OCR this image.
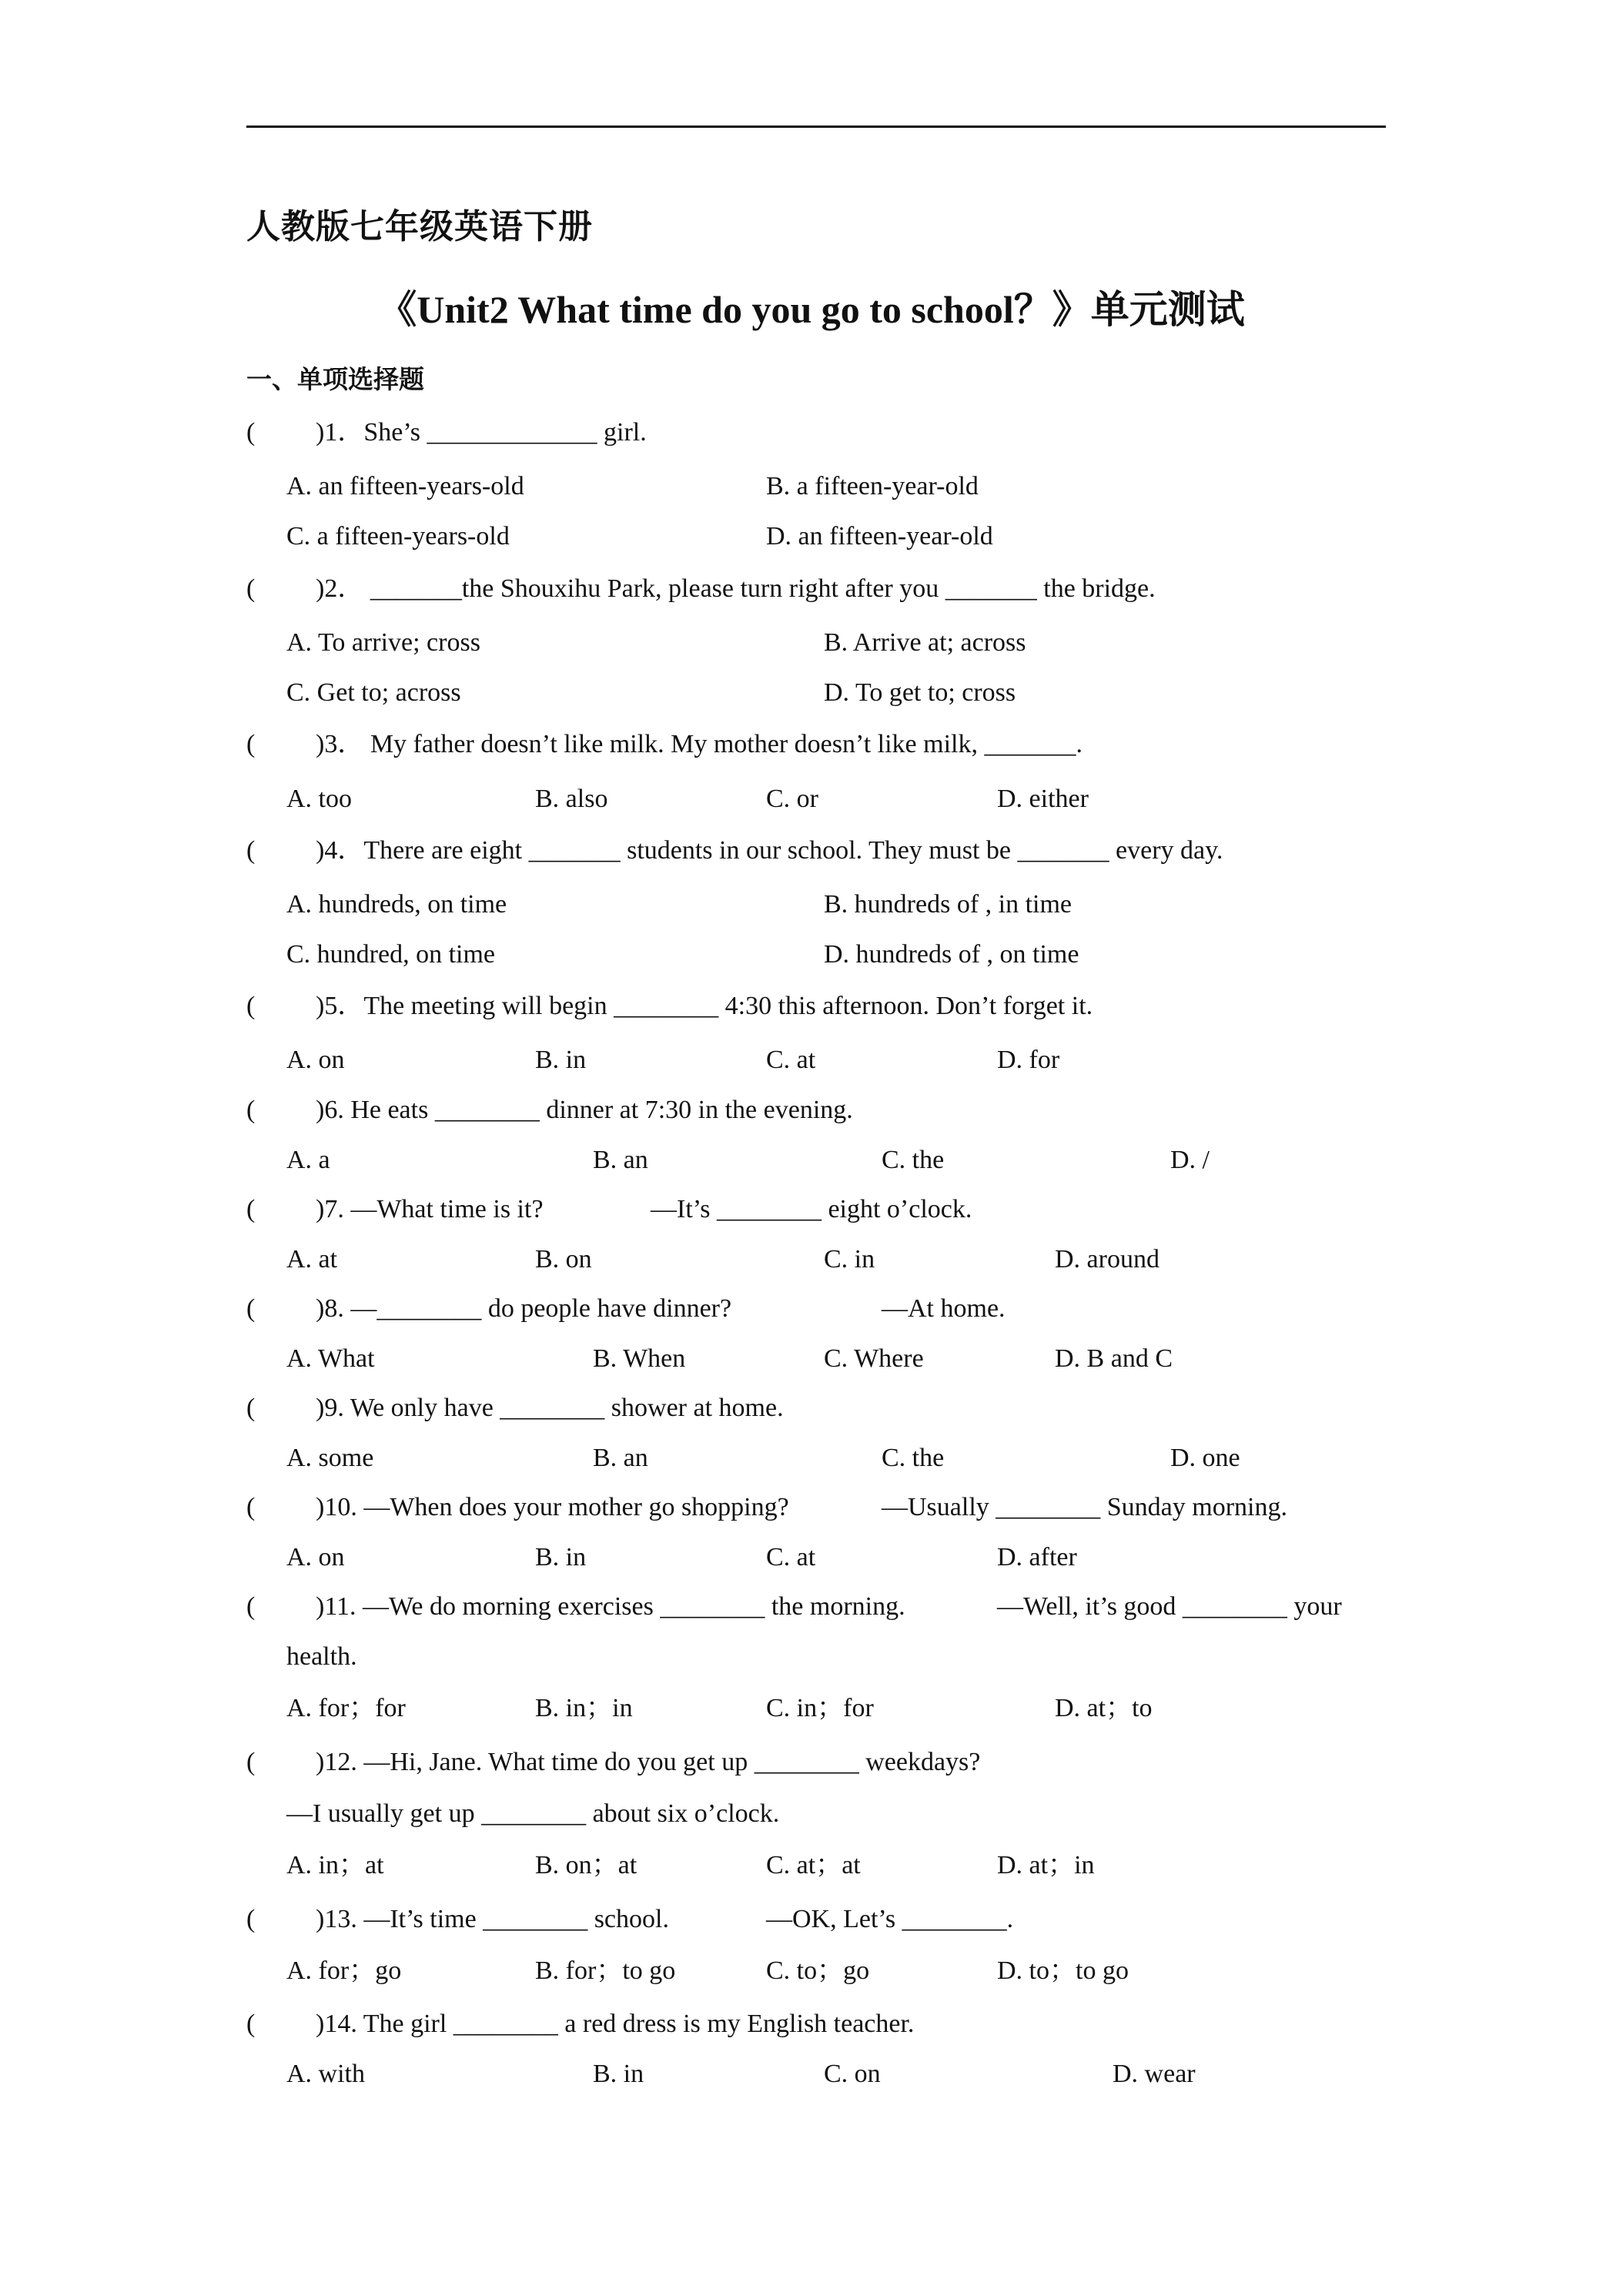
人教版七年级英语下册
《Unit2 What time do you go to school？》单元测试
一、单项选择题
( )1．She’s _____________ girl.
A. an fifteen-years-old	B. a fifteen-year-old
C. a fifteen-years-old	D. an fifteen-year-old
( )2． _______the Shouxihu Park, please turn right after you _______ the bridge.
A. To arrive; cross	B. Arrive at; across
C. Get to; across	D. To get to; cross
( )3． My father doesn’t like milk. My mother doesn’t like milk, _______.
A. too	B. also	C. or	D. either
( )4．There are eight _______ students in our school. They must be _______ every day.
A. hundreds, on time	B. hundreds of , in time
C. hundred, on time	D. hundreds of , on time
( )5．The meeting will begin ________ 4:30 this afternoon. Don’t forget it.
A. on	B. in	C. at	D. for
( )6. He eats ________ dinner at 7:30 in the evening.
A. a	B. an	C. the	D. /
( )7. —What time is it?	—It’s ________ eight o’clock.
A. at	B. on	C. in	D. around
( )8. —________ do people have dinner?	—At home.
A. What	B. When	C. Where	D. B and C
( )9. We only have ________ shower at home.
A. some	B. an	C. the	D. one
( )10. —When does your mother go shopping?	—Usually ________ Sunday morning.
A. on	B. in	C. at	D. after
( )11. —We do morning exercises ________ the morning.	—Well, it’s good ________ your
health.
A. for；for	B. in；in	C. in；for	D. at；to
( )12. —Hi, Jane. What time do you get up ________ weekdays?
—I usually get up ________ about six o’clock.
A. in；at	B. on；at	C. at；at	D. at；in
( )13. —It’s time ________ school.	—OK, Let’s ________.
A. for；go	B. for；to go	C. to；go	D. to；to go
( )14. The girl ________ a red dress is my English teacher.
A. with	B. in	C. on	D. wear
